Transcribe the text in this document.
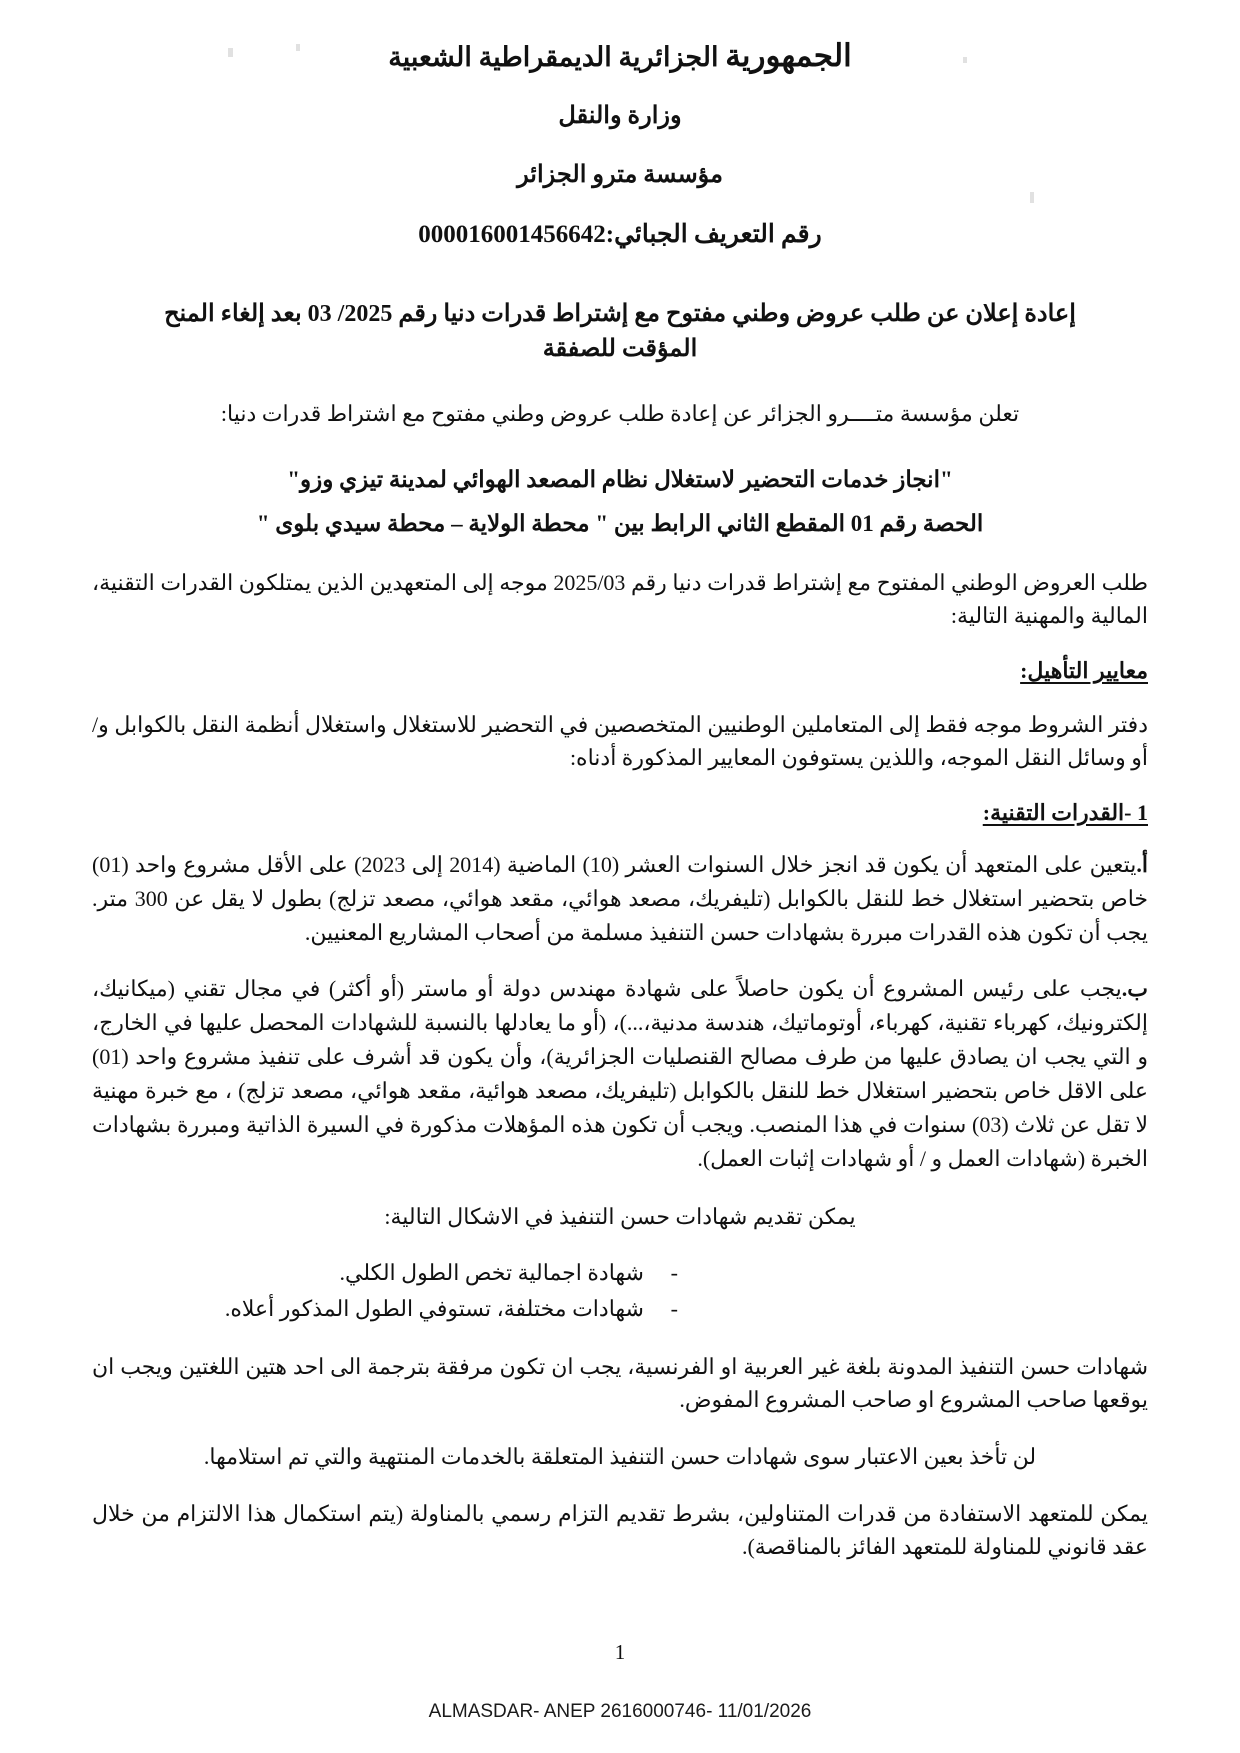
الجمهورية الجزائرية الديمقراطية الشعبية
وزارة والنقل
مؤسسة مترو الجزائر
رقم التعريف الجبائي:000016001456642
إعادة إعلان عن طلب عروض وطني مفتوح مع إشتراط قدرات دنيا رقم 2025/ 03 بعد إلغاء المنح المؤقت للصفقة
تعلن مؤسسة متــــرو الجزائر عن إعادة طلب عروض وطني مفتوح مع اشتراط قدرات دنيا:
"انجاز خدمات التحضير لاستغلال نظام المصعد الهوائي لمدينة تيزي وزو"
الحصة رقم 01 المقطع الثاني الرابط بين " محطة الولاية – محطة سيدي بلوى "

طلب العروض الوطني المفتوح مع إشتراط قدرات دنيا رقم 2025/03 موجه إلى المتعهدين الذين يمتلكون القدرات التقنية، المالية والمهنية التالية:

معايير التأهيل:

دفتر الشروط موجه فقط إلى المتعاملين الوطنيين المتخصصين في التحضير للاستغلال واستغلال أنظمة النقل بالكوابل و/أو وسائل النقل الموجه، واللذين يستوفون المعايير المذكورة أدناه:

1 -القدرات التقنية:

أ.يتعين على المتعهد أن يكون قد انجز خلال السنوات العشر (10) الماضية (2014 إلى 2023) على الأقل مشروع واحد (01) خاص بتحضير استغلال خط للنقل بالكوابل (تليفريك، مصعد هوائي، مقعد هوائي، مصعد تزلج) بطول لا يقل عن 300 متر. يجب أن تكون هذه القدرات مبررة بشهادات حسن التنفيذ مسلمة من أصحاب المشاريع المعنيين.

ب.يجب على رئيس المشروع أن يكون حاصلاً على شهادة مهندس دولة أو ماستر (أو أكثر) في مجال تقني (ميكانيك، إلكترونيك، كهرباء تقنية، كهرباء، أوتوماتيك، هندسة مدنية،...)، (أو ما يعادلها بالنسبة للشهادات المحصل عليها في الخارج، و التي يجب ان يصادق عليها من طرف مصالح القنصليات الجزائرية)، وأن يكون قد أشرف على تنفيذ مشروع واحد (01) على الاقل خاص بتحضير استغلال خط للنقل بالكوابل (تليفريك، مصعد هوائية، مقعد هوائي، مصعد تزلج) ، مع خبرة مهنية لا تقل عن ثلاث (03) سنوات في هذا المنصب. ويجب أن تكون هذه المؤهلات مذكورة في السيرة الذاتية ومبررة بشهادات الخبرة (شهادات العمل و / أو شهادات إثبات العمل).

يمكن تقديم شهادات حسن التنفيذ في الاشكال التالية:

-
شهادة اجمالية تخص الطول الكلي.
-
شهادات مختلفة، تستوفي الطول المذكور أعلاه.

شهادات حسن التنفيذ المدونة بلغة غير العربية او الفرنسية، يجب ان تكون مرفقة بترجمة الى احد هتين اللغتين ويجب ان يوقعها صاحب المشروع او صاحب المشروع المفوض.

لن تأخذ بعين الاعتبار سوى شهادات حسن التنفيذ المتعلقة بالخدمات المنتهية والتي تم استلامها.

يمكن للمتعهد الاستفادة من قدرات المتناولين، بشرط تقديم التزام رسمي بالمناولة (يتم استكمال هذا الالتزام من خلال عقد قانوني للمناولة للمتعهد الفائز بالمناقصة).

1
ALMASDAR- ANEP 2616000746- 11/01/2026
